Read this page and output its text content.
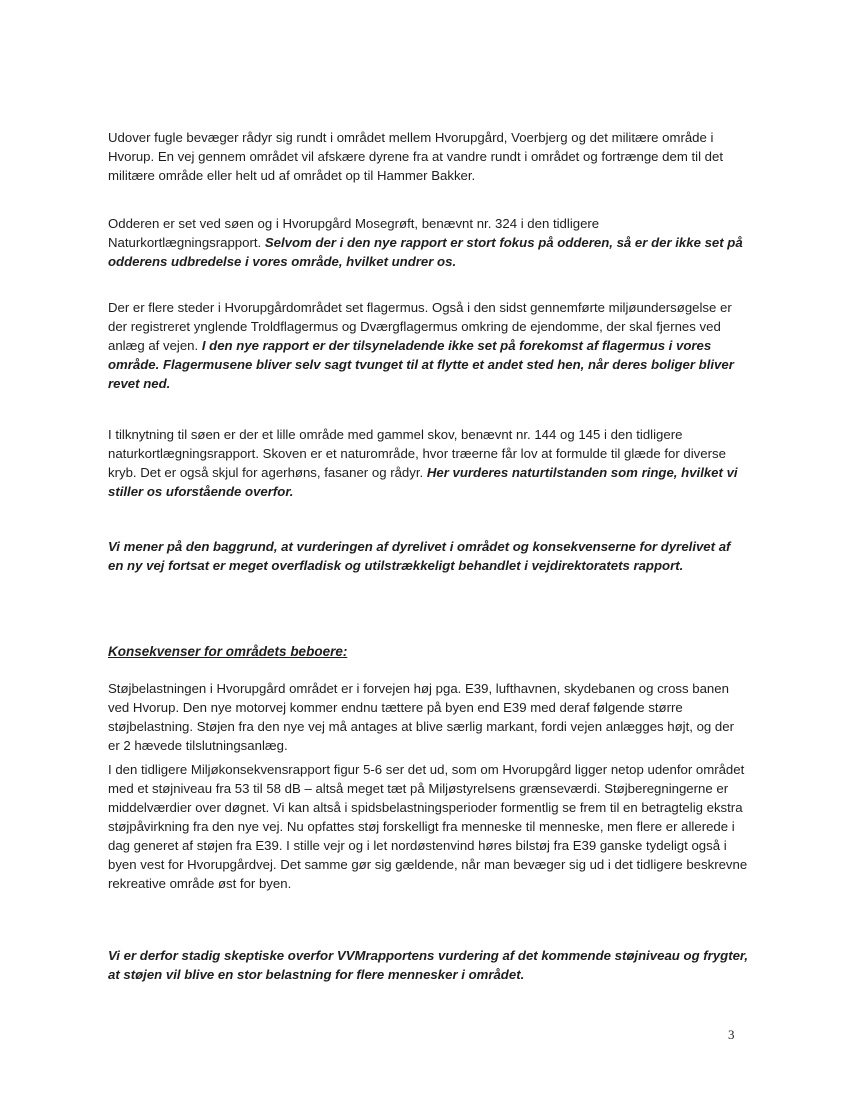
Udover fugle bevæger rådyr sig rundt i området mellem Hvorupgård, Voerbjerg og det militære område i Hvorup. En vej gennem området vil afskære dyrene fra at vandre rundt i området og fortrænge dem til det militære område eller helt ud af området op til Hammer Bakker.

Odderen er set ved søen og i Hvorupgård Mosegrøft, benævnt nr. 324 i den tidligere Naturkortlægningsrapport. Selvom der i den nye rapport er stort fokus på odderen, så er der ikke set på odderens udbredelse i vores område, hvilket undrer os.

Der er flere steder i Hvorupgårdområdet set flagermus. Også i den sidst gennemførte miljøundersøgelse er der registreret ynglende Troldflagermus og Dværgflagermus omkring de ejendomme, der skal fjernes ved anlæg af vejen. I den nye rapport er der tilsyneladende ikke set på forekomst af flagermus i vores område. Flagermusene bliver selv sagt tvunget til at flytte et andet sted hen, når deres boliger bliver revet ned.

I tilknytning til søen er der et lille område med gammel skov, benævnt nr. 144 og 145 i den tidligere naturkortlægningsrapport. Skoven er et naturområde, hvor træerne får lov at formulde til glæde for diverse kryb. Det er også skjul for agerhøns, fasaner og rådyr. Her vurderes naturtilstanden som ringe, hvilket vi stiller os uforstående overfor.

Vi mener på den baggrund, at vurderingen af dyrelivet i området og konsekvenserne for dyrelivet af en ny vej fortsat er meget overfladisk og utilstrækkeligt behandlet i vejdirektoratets rapport.

Konsekvenser for områdets beboere:

Støjbelastningen i Hvorupgård området er i forvejen høj pga. E39, lufthavnen, skydebanen og cross banen ved Hvorup. Den nye motorvej kommer endnu tættere på byen end E39 med deraf følgende større støjbelastning. Støjen fra den nye vej må antages at blive særlig markant, fordi vejen anlægges højt, og der er 2 hævede tilslutningsanlæg.

I den tidligere Miljøkonsekvensrapport figur 5-6 ser det ud, som om Hvorupgård ligger netop udenfor området med et støjniveau fra 53 til 58 dB – altså meget tæt på Miljøstyrelsens grænseværdi. Støjberegningerne er middelværdier over døgnet. Vi kan altså i spidsbelastningsperioder formentlig se frem til en betragtelig ekstra støjpåvirkning fra den nye vej. Nu opfattes støj forskelligt fra menneske til menneske, men flere er allerede i dag generet af støjen fra E39. I stille vejr og i let nordøstenvind høres bilstøj fra E39 ganske tydeligt også i byen vest for Hvorupgårdvej. Det samme gør sig gældende, når man bevæger sig ud i det tidligere beskrevne rekreative område øst for byen.

Vi er derfor stadig skeptiske overfor VVMrapportens vurdering af det kommende støjniveau og frygter, at støjen vil blive en stor belastning for flere mennesker i området.

3
